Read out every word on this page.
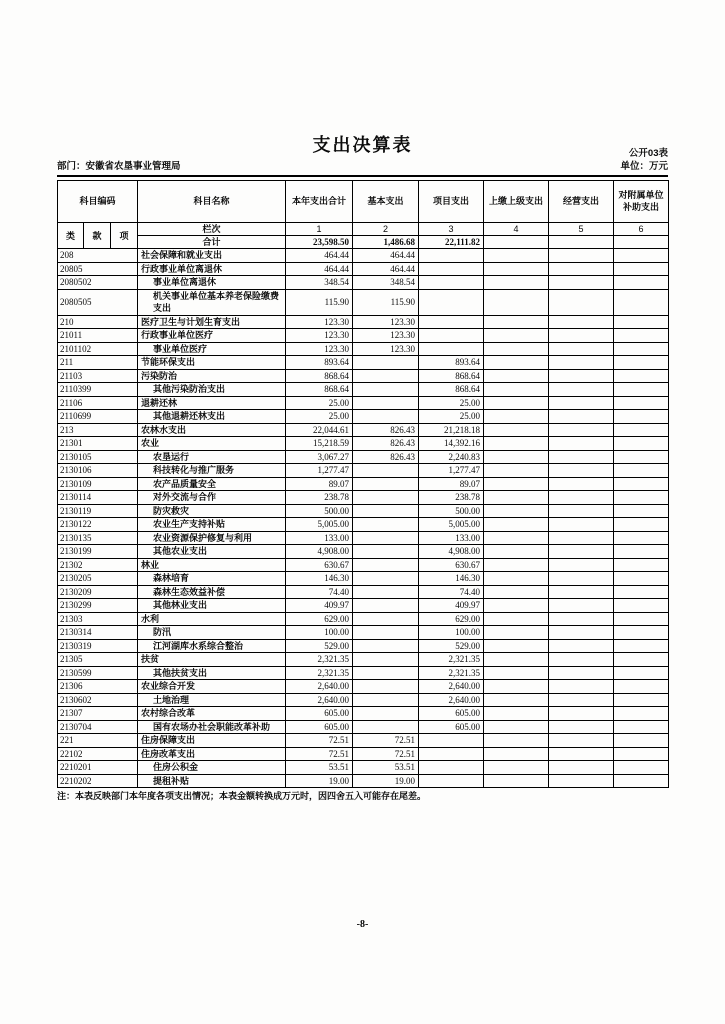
支出决算表	公开03表
部门：安徽省农垦事业管理局	单位：万元
科目编码			科目名称	本年支出合计	基本支出	项目支出	上缴上级支出	经营支出	对附属单位补助支出
类	款	项	栏次	1	2	3	4	5	6
			合计	23,598.50	1,486.68	22,111.82			
208			社会保障和就业支出	464.44	464.44				
20805			行政事业单位离退休	464.44	464.44				
2080502			事业单位离退休	348.54	348.54				
2080505			机关事业单位基本养老保险缴费支出	115.90	115.90				
210			医疗卫生与计划生育支出	123.30	123.30				
21011			行政事业单位医疗	123.30	123.30				
2101102			事业单位医疗	123.30	123.30				
211			节能环保支出	893.64		893.64			
21103			污染防治	868.64		868.64			
2110399			其他污染防治支出	868.64		868.64			
21106			退耕还林	25.00		25.00			
2110699			其他退耕还林支出	25.00		25.00			
213			农林水支出	22,044.61	826.43	21,218.18			
21301			农业	15,218.59	826.43	14,392.16			
2130105			农垦运行	3,067.27	826.43	2,240.83			
2130106			科技转化与推广服务	1,277.47		1,277.47			
2130109			农产品质量安全	89.07		89.07			
2130114			对外交流与合作	238.78		238.78			
2130119			防灾救灾	500.00		500.00			
2130122			农业生产支持补贴	5,005.00		5,005.00			
2130135			农业资源保护修复与利用	133.00		133.00			
2130199			其他农业支出	4,908.00		4,908.00			
21302			林业	630.67		630.67			
2130205			森林培育	146.30		146.30			
2130209			森林生态效益补偿	74.40		74.40			
2130299			其他林业支出	409.97		409.97			
21303			水利	629.00		629.00			
2130314			防汛	100.00		100.00			
2130319			江河湖库水系综合整治	529.00		529.00			
21305			扶贫	2,321.35		2,321.35			
2130599			其他扶贫支出	2,321.35		2,321.35			
21306			农业综合开发	2,640.00		2,640.00			
2130602			土地治理	2,640.00		2,640.00			
21307			农村综合改革	605.00		605.00			
2130704			国有农场办社会职能改革补助	605.00		605.00			
221			住房保障支出	72.51	72.51				
22102			住房改革支出	72.51	72.51				
2210201			住房公积金	53.51	53.51				
2210202			提租补贴	19.00	19.00				
注：本表反映部门本年度各项支出情况；本表金额转换成万元时，因四舍五入可能存在尾差。
-8-
